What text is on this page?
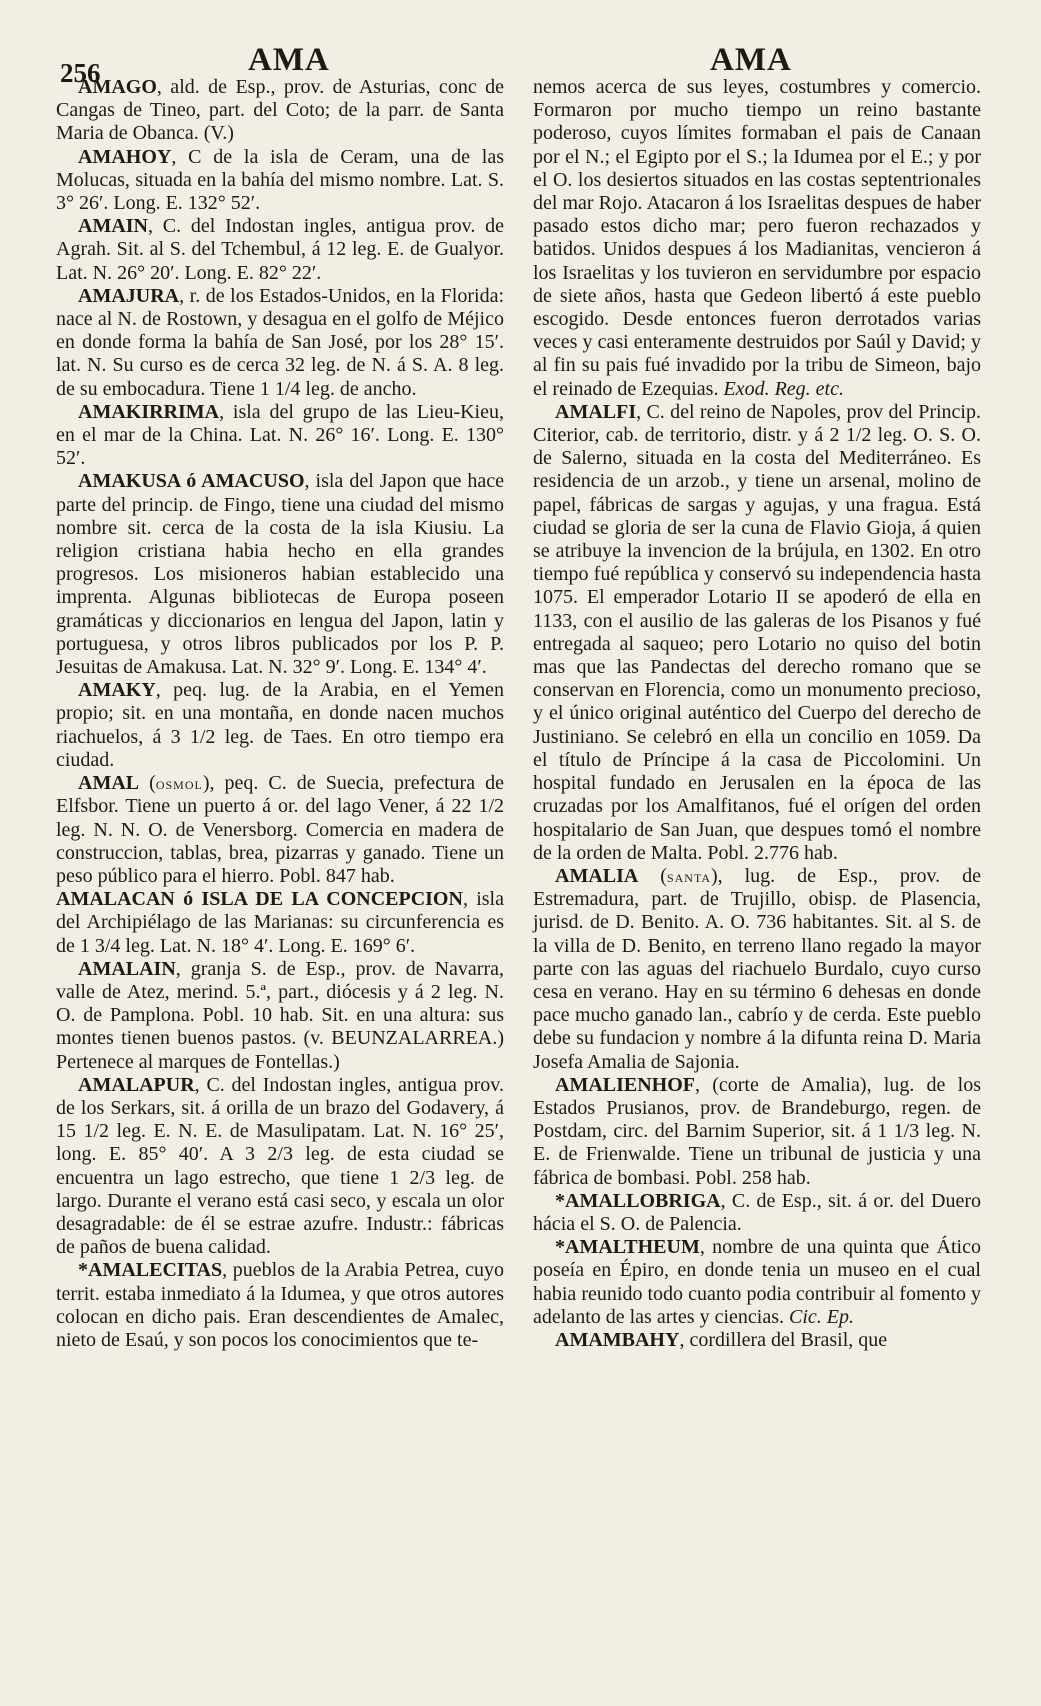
256	AMA	AMA

AMAGO, ald. de Esp., prov. de Asturias, conc de Cangas de Tineo, part. del Coto; de la parr. de Santa Maria de Obanca. (V.)

AMAHOY, C de la isla de Ceram, una de las Molucas, situada en la bahía del mismo nombre. Lat. S. 3° 26′. Long. E. 132° 52′.

AMAIN, C. del Indostan ingles, antigua prov. de Agrah. Sit. al S. del Tchembul, á 12 leg. E. de Gualyor. Lat. N. 26° 20′. Long. E. 82° 22′.

AMAJURA, r. de los Estados-Unidos, en la Florida: nace al N. de Rostown, y desagua en el golfo de Méjico en donde forma la bahía de San José, por los 28° 15′. lat. N. Su curso es de cerca 32 leg. de N. á S. A. 8 leg. de su embocadura. Tiene 1 1/4 leg. de ancho.

AMAKIRRIMA, isla del grupo de las Lieu-Kieu, en el mar de la China. Lat. N. 26° 16′. Long. E. 130° 52′.

AMAKUSA ó AMACUSO, isla del Japon que hace parte del princip. de Fingo, tiene una ciudad del mismo nombre sit. cerca de la costa de la isla Kiusiu. La religion cristiana habia hecho en ella grandes progresos. Los misioneros habian establecido una imprenta. Algunas bibliotecas de Europa poseen gramáticas y diccionarios en lengua del Japon, latin y portuguesa, y otros libros publicados por los P. P. Jesuitas de Amakusa. Lat. N. 32° 9′. Long. E. 134° 4′.

AMAKY, peq. lug. de la Arabia, en el Yemen propio; sit. en una montaña, en donde nacen muchos riachuelos, á 3 1/2 leg. de Taes. En otro tiempo era ciudad.

AMAL (osmol), peq. C. de Suecia, prefectura de Elfsbor. Tiene un puerto á or. del lago Vener, á 22 1/2 leg. N. N. O. de Venersborg. Comercia en madera de construccion, tablas, brea, pizarras y ganado. Tiene un peso público para el hierro. Pobl. 847 hab.

AMALACAN ó ISLA DE LA CONCEPCION, isla del Archipiélago de las Marianas: su circunferencia es de 1 3/4 leg. Lat. N. 18° 4′. Long. E. 169° 6′.

AMALAIN, granja S. de Esp., prov. de Navarra, valle de Atez, merind. 5.ª, part., diócesis y á 2 leg. N. O. de Pamplona. Pobl. 10 hab. Sit. en una altura: sus montes tienen buenos pastos. (v. BEUNZALARREA.) Pertenece al marques de Fontellas.)

AMALAPUR, C. del Indostan ingles, antigua prov. de los Serkars, sit. á orilla de un brazo del Godavery, á 15 1/2 leg. E. N. E. de Masulipatam. Lat. N. 16° 25′, long. E. 85° 40′. A 3 2/3 leg. de esta ciudad se encuentra un lago estrecho, que tiene 1 2/3 leg. de largo. Durante el verano está casi seco, y escala un olor desagradable: de él se estrae azufre. Industr.: fábricas de paños de buena calidad.

*AMALECITAS, pueblos de la Arabia Petrea, cuyo territ. estaba inmediato á la Idumea, y que otros autores colocan en dicho pais. Eran descendientes de Amalec, nieto de Esaú, y son pocos los conocimientos que te-

nemos acerca de sus leyes, costumbres y comercio. Formaron por mucho tiempo un reino bastante poderoso, cuyos límites formaban el pais de Canaan por el N.; el Egipto por el S.; la Idumea por el E.; y por el O. los desiertos situados en las costas septentrionales del mar Rojo. Atacaron á los Israelitas despues de haber pasado estos dicho mar; pero fueron rechazados y batidos. Unidos despues á los Madianitas, vencieron á los Israelitas y los tuvieron en servidumbre por espacio de siete años, hasta que Gedeon libertó á este pueblo escogido. Desde entonces fueron derrotados varias veces y casi enteramente destruidos por Saúl y David; y al fin su pais fué invadido por la tribu de Simeon, bajo el reinado de Ezequias. Exod. Reg. etc.

AMALFI, C. del reino de Napoles, prov del Princip. Citerior, cab. de territorio, distr. y á 2 1/2 leg. O. S. O. de Salerno, situada en la costa del Mediterráneo. Es residencia de un arzob., y tiene un arsenal, molino de papel, fábricas de sargas y agujas, y una fragua. Está ciudad se gloria de ser la cuna de Flavio Gioja, á quien se atribuye la invencion de la brújula, en 1302. En otro tiempo fué república y conservó su independencia hasta 1075. El emperador Lotario II se apoderó de ella en 1133, con el ausilio de las galeras de los Pisanos y fué entregada al saqueo; pero Lotario no quiso del botin mas que las Pandectas del derecho romano que se conservan en Florencia, como un monumento precioso, y el único original auténtico del Cuerpo del derecho de Justiniano. Se celebró en ella un concilio en 1059. Da el título de Príncipe á la casa de Piccolomini. Un hospital fundado en Jerusalen en la época de las cruzadas por los Amalfitanos, fué el orígen del orden hospitalario de San Juan, que despues tomó el nombre de la orden de Malta. Pobl. 2.776 hab.

AMALIA (santa), lug. de Esp., prov. de Estremadura, part. de Trujillo, obisp. de Plasencia, jurisd. de D. Benito. A. O. 736 habitantes. Sit. al S. de la villa de D. Benito, en terreno llano regado la mayor parte con las aguas del riachuelo Burdalo, cuyo curso cesa en verano. Hay en su término 6 dehesas en donde pace mucho ganado lan., cabrío y de cerda. Este pueblo debe su fundacion y nombre á la difunta reina D. Maria Josefa Amalia de Sajonia.

AMALIENHOF, (corte de Amalia), lug. de los Estados Prusianos, prov. de Brandeburgo, regen. de Postdam, circ. del Barnim Superior, sit. á 1 1/3 leg. N. E. de Frienwalde. Tiene un tribunal de justicia y una fábrica de bombasi. Pobl. 258 hab.

*AMALLOBRIGA, C. de Esp., sit. á or. del Duero hácia el S. O. de Palencia.

*AMALTHEUM, nombre de una quinta que Ático poseía en Épiro, en donde tenia un museo en el cual habia reunido todo cuanto podia contribuir al fomento y adelanto de las artes y ciencias. Cic. Ep.

AMAMBAHY, cordillera del Brasil, que
